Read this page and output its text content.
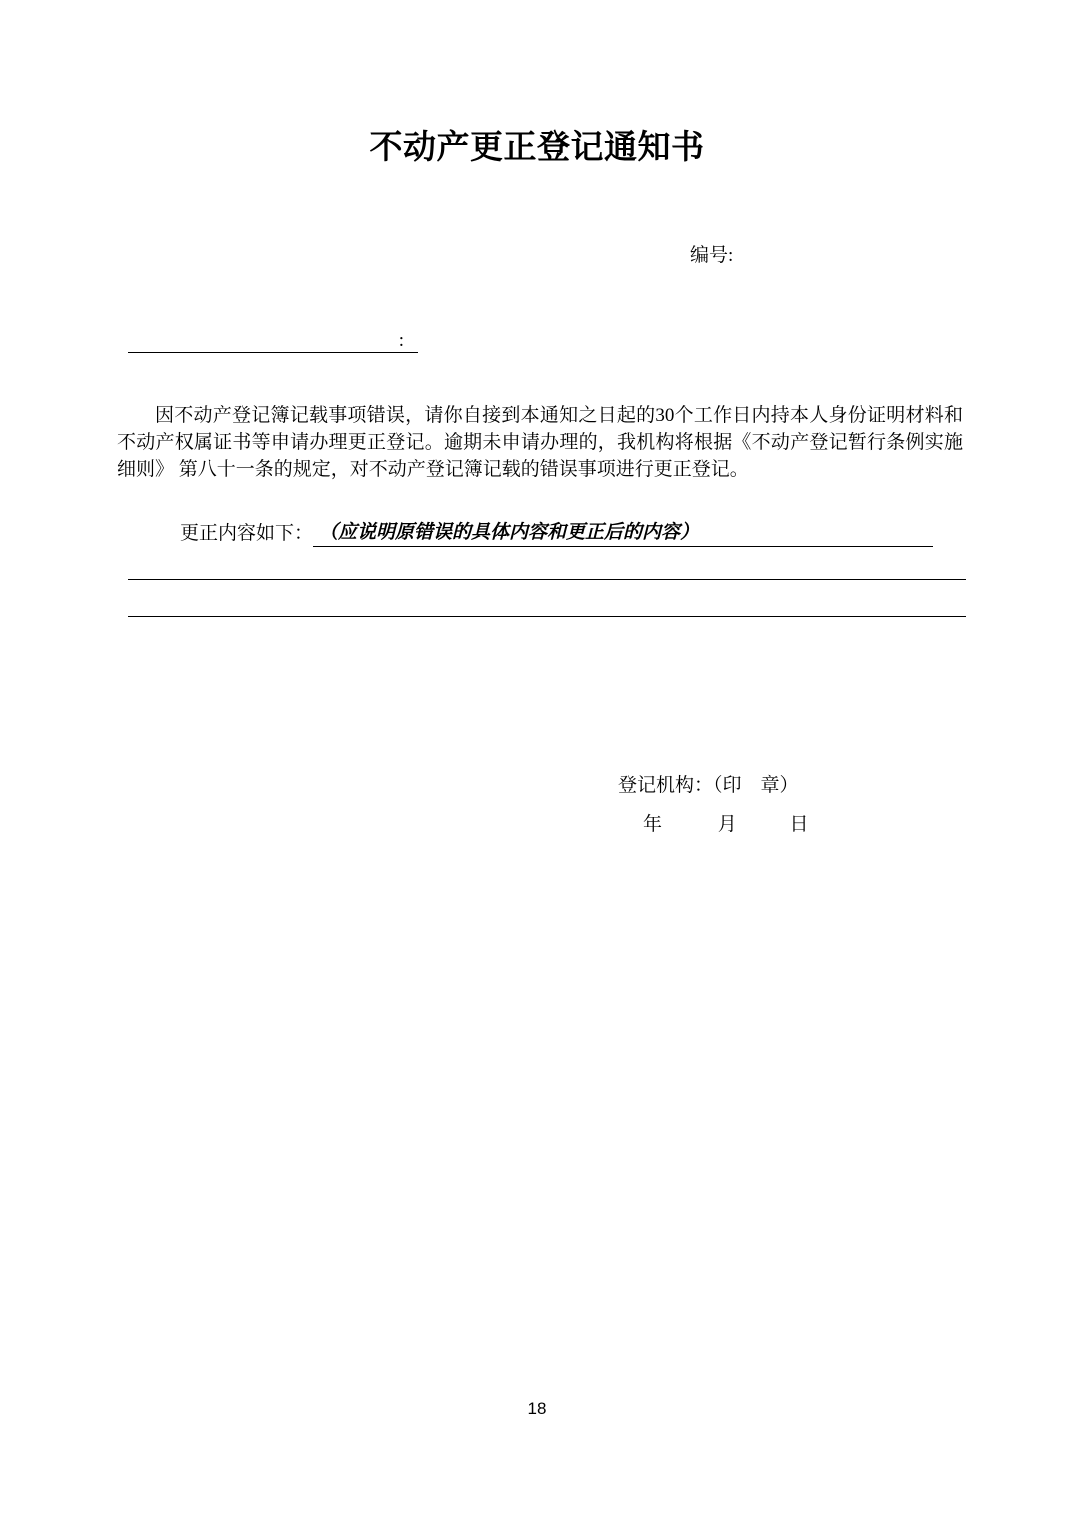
不动产更正登记通知书
编号:
:

因不动产登记簿记载事项错误，请你自接到本通知之日起的30个工作日内持本人身份证明材料和不动产权属证书等申请办理更正登记。逾期未申请办理的，我机构将根据《不动产登记暂行条例实施细则》 第八十一条的规定，对不动产登记簿记载的错误事项进行更正登记。

更正内容如下： （应说明原错误的具体内容和更正后的内容）
登记机构：（印　章）
年	月	日
18
